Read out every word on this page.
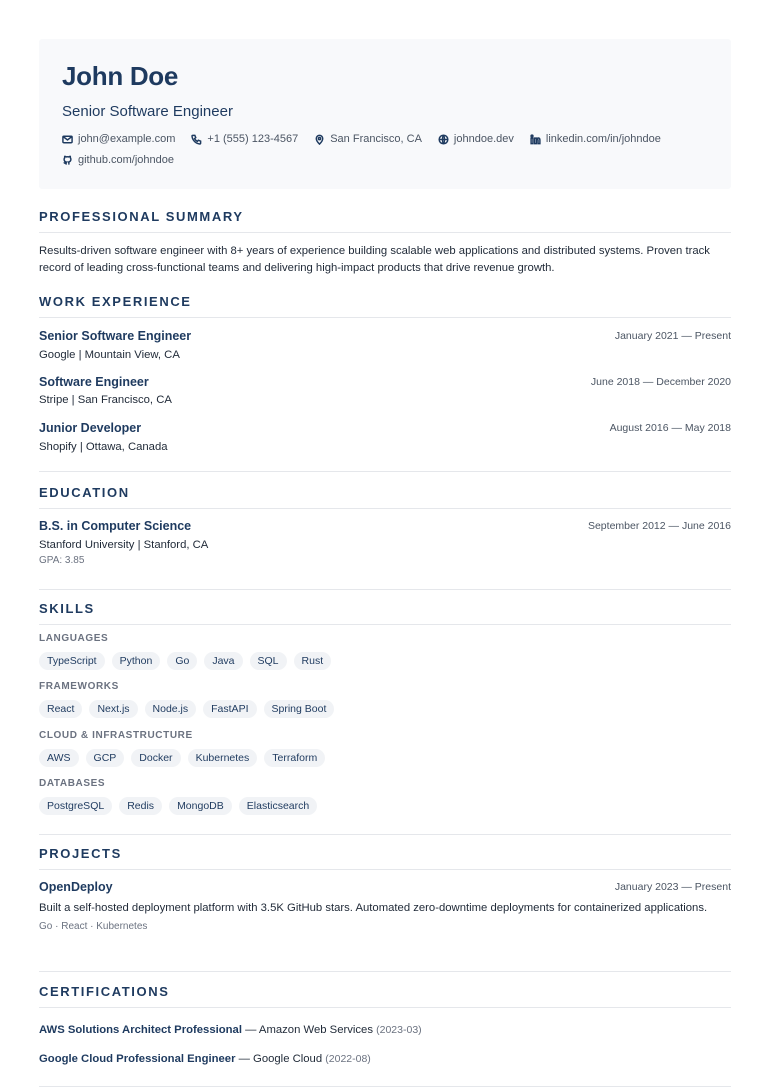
John Doe
Senior Software Engineer
john@example.com	+1 (555) 123-4567	San Francisco, CA	johndoe.dev	linkedin.com/in/johndoe
github.com/johndoe
PROFESSIONAL SUMMARY
Results-driven software engineer with 8+ years of experience building scalable web applications and distributed systems. Proven track record of leading cross-functional teams and delivering high-impact products that drive revenue growth.
WORK EXPERIENCE
Senior Software Engineer	January 2021 — Present
Google | Mountain View, CA
Software Engineer	June 2018 — December 2020
Stripe | San Francisco, CA
Junior Developer	August 2016 — May 2018
Shopify | Ottawa, Canada
EDUCATION
B.S. in Computer Science	September 2012 — June 2016
Stanford University | Stanford, CA
GPA: 3.85
SKILLS
LANGUAGES
TypeScript	Python	Go	Java	SQL	Rust
FRAMEWORKS
React	Next.js	Node.js	FastAPI	Spring Boot
CLOUD & INFRASTRUCTURE
AWS	GCP	Docker	Kubernetes	Terraform
DATABASES
PostgreSQL	Redis	MongoDB	Elasticsearch
PROJECTS
OpenDeploy	January 2023 — Present
Built a self-hosted deployment platform with 3.5K GitHub stars. Automated zero-downtime deployments for containerized applications.
Go · React · Kubernetes
CERTIFICATIONS
AWS Solutions Architect Professional — Amazon Web Services (2023-03)
Google Cloud Professional Engineer — Google Cloud (2022-08)
